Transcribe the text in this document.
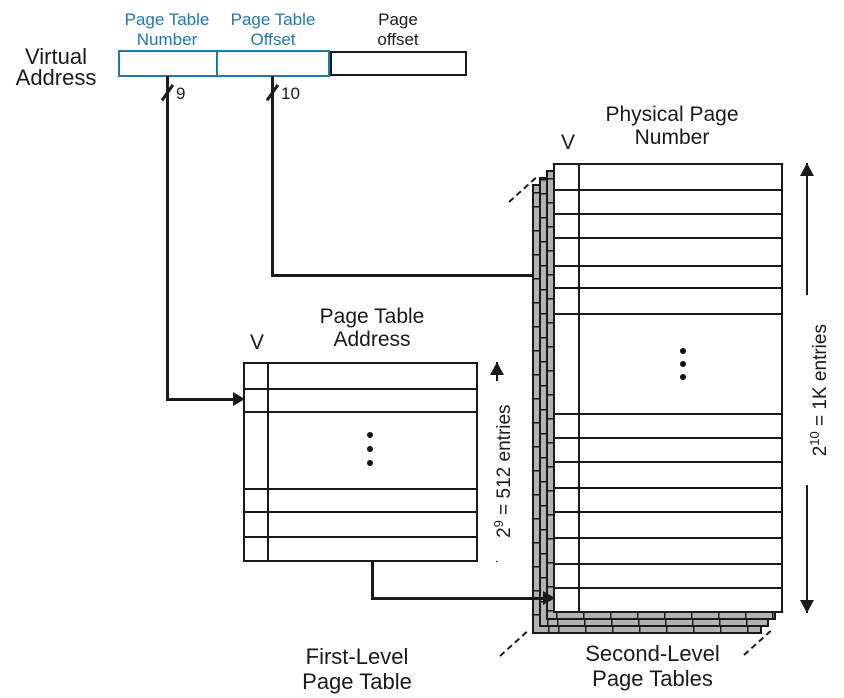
Virtual
Address
Page Table
Number
Page Table
Offset
Page
offset
9	10
V
Physical Page
Number
V
Page Table
Address
$2^9 = 512$ entries	$2^{10} = 1K$ entries
First-Level
Page Table
Second-Level
Page Tables
